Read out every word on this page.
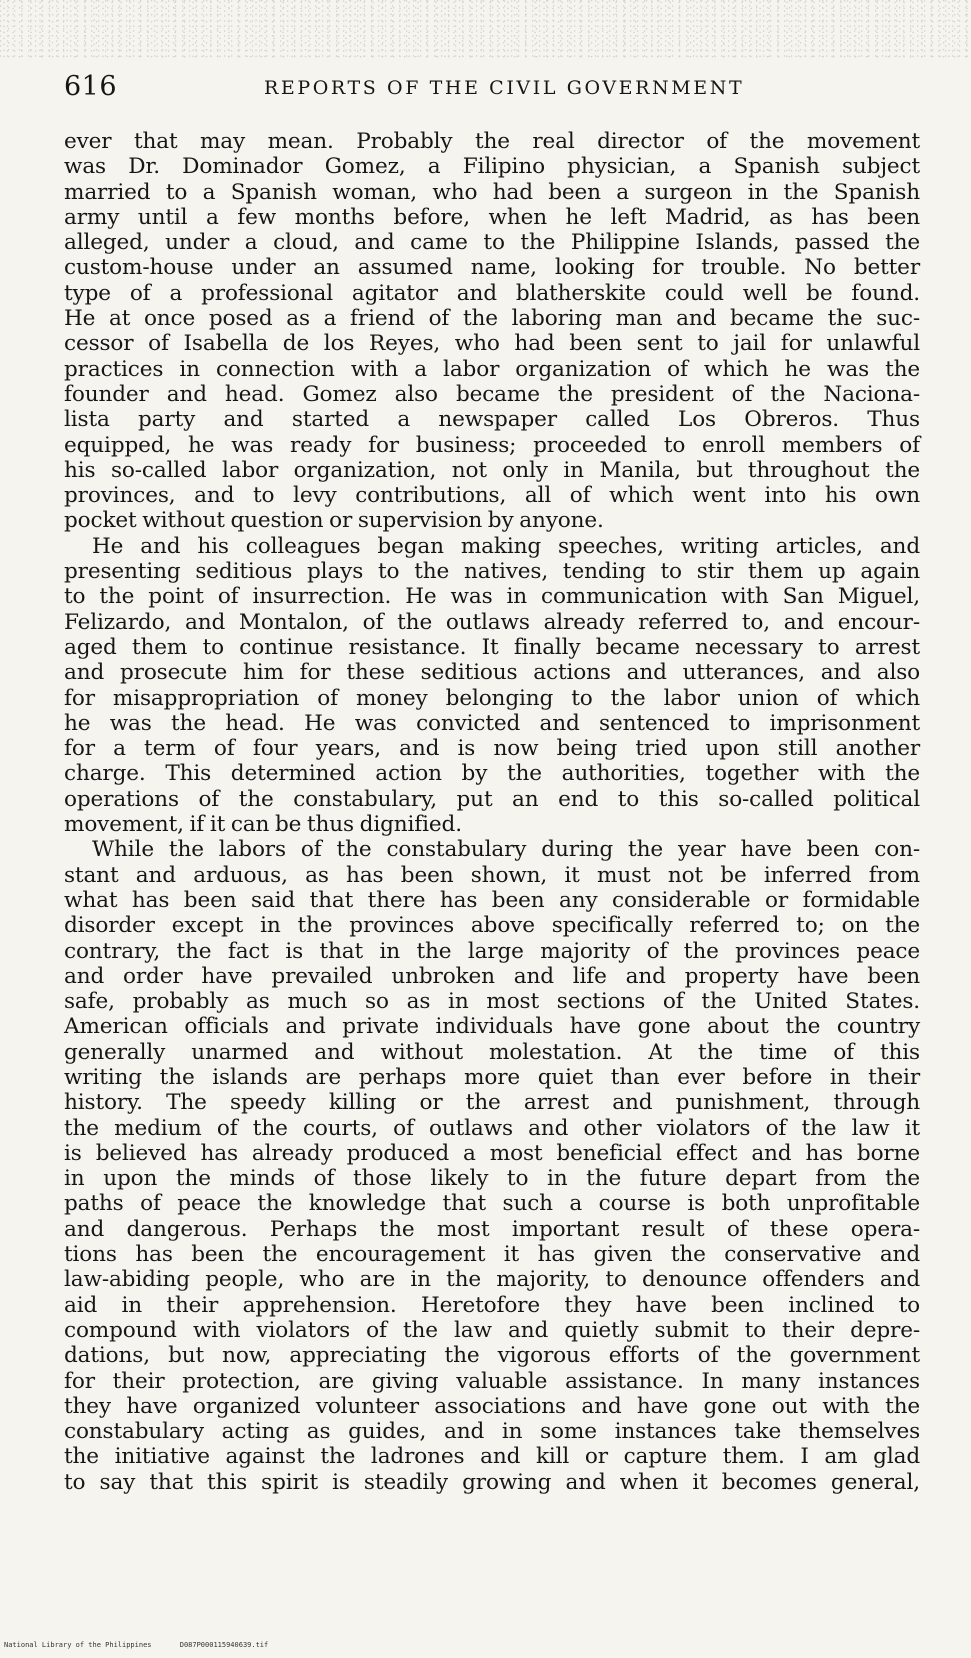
616	REPORTS OF THE CIVIL GOVERNMENT
ever that may mean. Probably the real director of the movement
was Dr. Dominador Gomez, a Filipino physician, a Spanish subject
married to a Spanish woman, who had been a surgeon in the Spanish
army until a few months before, when he left Madrid, as has been
alleged, under a cloud, and came to the Philippine Islands, passed the
custom-house under an assumed name, looking for trouble. No better
type of a professional agitator and blatherskite could well be found.
He at once posed as a friend of the laboring man and became the suc-
cessor of Isabella de los Reyes, who had been sent to jail for unlawful
practices in connection with a labor organization of which he was the
founder and head. Gomez also became the president of the Naciona-
lista party and started a newspaper called Los Obreros. Thus
equipped, he was ready for business; proceeded to enroll members of
his so-called labor organization, not only in Manila, but throughout the
provinces, and to levy contributions, all of which went into his own
pocket without question or supervision by anyone.
He and his colleagues began making speeches, writing articles, and
presenting seditious plays to the natives, tending to stir them up again
to the point of insurrection. He was in communication with San Miguel,
Felizardo, and Montalon, of the outlaws already referred to, and encour-
aged them to continue resistance. It finally became necessary to arrest
and prosecute him for these seditious actions and utterances, and also
for misappropriation of money belonging to the labor union of which
he was the head. He was convicted and sentenced to imprisonment
for a term of four years, and is now being tried upon still another
charge. This determined action by the authorities, together with the
operations of the constabulary, put an end to this so-called political
movement, if it can be thus dignified.
While the labors of the constabulary during the year have been con-
stant and arduous, as has been shown, it must not be inferred from
what has been said that there has been any considerable or formidable
disorder except in the provinces above specifically referred to; on the
contrary, the fact is that in the large majority of the provinces peace
and order have prevailed unbroken and life and property have been
safe, probably as much so as in most sections of the United States.
American officials and private individuals have gone about the country
generally unarmed and without molestation. At the time of this
writing the islands are perhaps more quiet than ever before in their
history. The speedy killing or the arrest and punishment, through
the medium of the courts, of outlaws and other violators of the law it
is believed has already produced a most beneficial effect and has borne
in upon the minds of those likely to in the future depart from the
paths of peace the knowledge that such a course is both unprofitable
and dangerous. Perhaps the most important result of these opera-
tions has been the encouragement it has given the conservative and
law-abiding people, who are in the majority, to denounce offenders and
aid in their apprehension. Heretofore they have been inclined to
compound with violators of the law and quietly submit to their depre-
dations, but now, appreciating the vigorous efforts of the government
for their protection, are giving valuable assistance. In many instances
they have organized volunteer associations and have gone out with the
constabulary acting as guides, and in some instances take themselves
the initiative against the ladrones and kill or capture them. I am glad
to say that this spirit is steadily growing and when it becomes general,
National Library of the Philippines	D087P000115940639.tif
